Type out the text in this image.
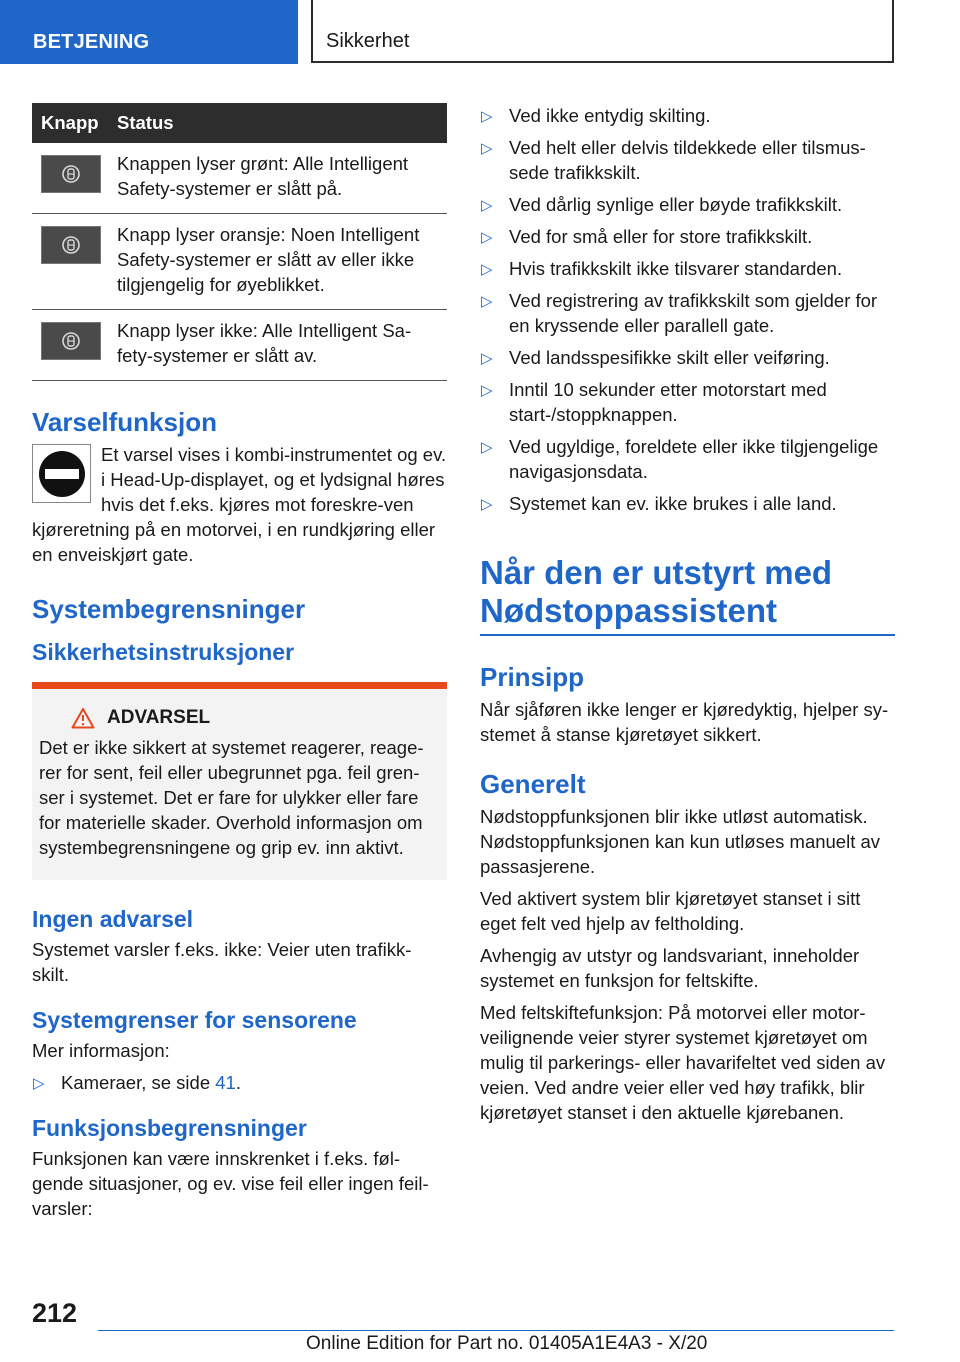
BETJENING	Sikkerhet
Knapp	Status

	Knappen lyser grønt: Alle Intelligent Safety-systemer er slått på.

	Knapp lyser oransje: Noen Intelligent Safety-systemer er slått av eller ikke tilgjengelig for øyeblikket.

	Knapp lyser ikke: Alle Intelligent Sa-fety-systemer er slått av.
Varselfunksjon

Et varsel vises i kombi-instrumentet og ev. i Head-Up-displayet, og et lydsignal høres hvis det f.eks. kjøres mot foreskre-ven kjøreretning på en motorvei, i en rundkjøring eller en enveiskjørt gate.

Systembegrensninger
Sikkerhetsinstruksjoner
ADVARSEL

Det er ikke sikkert at systemet reagerer, reage-rer for sent, feil eller ubegrunnet pga. feil gren-ser i systemet. Det er fare for ulykker eller fare for materielle skader. Overhold informasjon om systembegrensningene og grip ev. inn aktivt.

Ingen advarsel

Systemet varsler f.eks. ikke: Veier uten trafikk-skilt.

Systemgrenser for sensorene

Mer informasjon:

▷ Kameraer, se side 41.
Funksjonsbegrensninger

Funksjonen kan være innskrenket i f.eks. føl-gende situasjoner, og ev. vise feil eller ingen feil-varsler:

▷ Ved ikke entydig skilting.
▷ Ved helt eller delvis tildekkede eller tilsmus-sede trafikkskilt.
▷ Ved dårlig synlige eller bøyde trafikkskilt.
▷ Ved for små eller for store trafikkskilt.
▷ Hvis trafikkskilt ikke tilsvarer standarden.
▷ Ved registrering av trafikkskilt som gjelder for en kryssende eller parallell gate.
▷ Ved landsspesifikke skilt eller veiføring.
▷ Inntil 10 sekunder etter motorstart med start-/stoppknappen.
▷ Ved ugyldige, foreldete eller ikke tilgjengelige navigasjonsdata.
▷ Systemet kan ev. ikke brukes i alle land.
Når den er utstyrt med
Nødstoppassistent
Prinsipp

Når sjåføren ikke lenger er kjøredyktig, hjelper sy-stemet å stanse kjøretøyet sikkert.

Generelt

Nødstoppfunksjonen blir ikke utløst automatisk. Nødstoppfunksjonen kan kun utløses manuelt av passasjerene.

Ved aktivert system blir kjøretøyet stanset i sitt eget felt ved hjelp av feltholding.

Avhengig av utstyr og landsvariant, inneholder systemet en funksjon for feltskifte.

Med feltskiftefunksjon: På motorvei eller motor-veilignende veier styrer systemet kjøretøyet om mulig til parkerings- eller havarifeltet ved siden av veien. Ved andre veier eller ved høy trafikk, blir kjøretøyet stanset i den aktuelle kjørebanen.

212
Online Edition for Part no. 01405A1E4A3 - X/20
